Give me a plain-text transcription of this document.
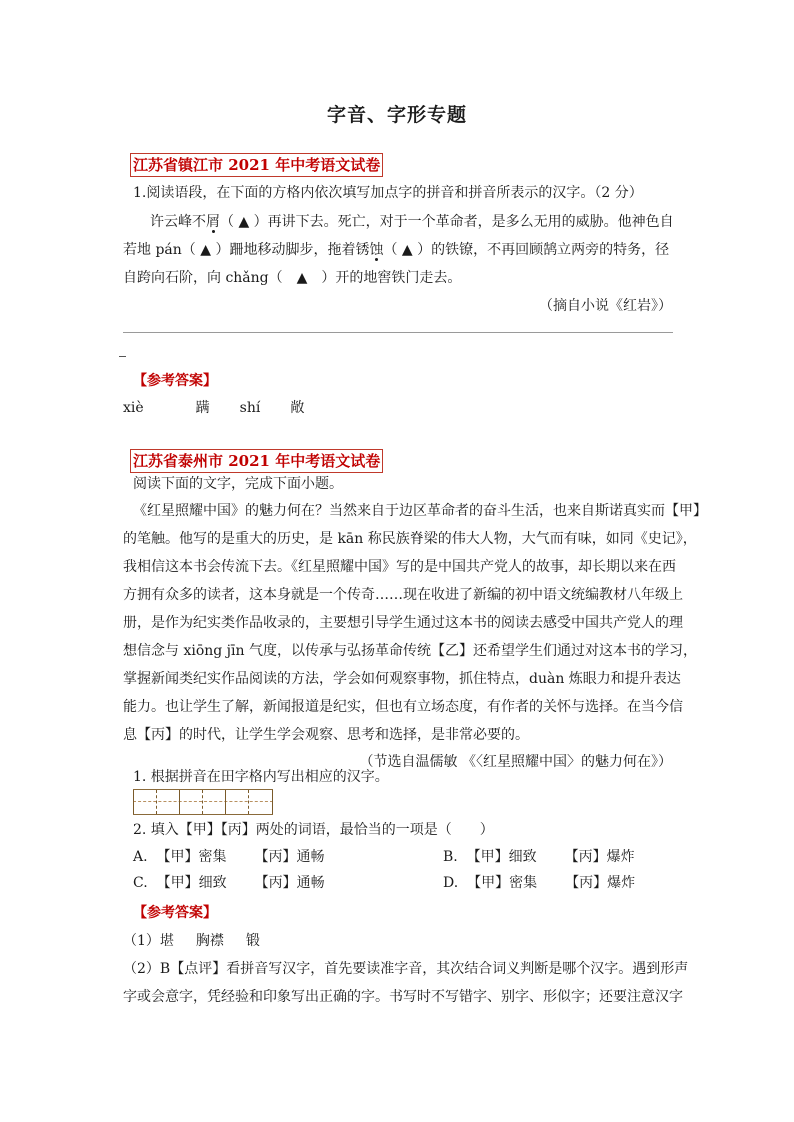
字音、字形专题
江苏省镇江市 2021 年中考语文试卷
1.阅读语段，在下面的方格内依次填写加点字的拼音和拼音所表示的汉字。（2 分）
许云峰不屑（ ▲ ）再讲下去。死亡，对于一个革命者，是多么无用的威胁。他神色自
若地 pán（ ▲ ）跚地移动脚步，拖着锈蚀（ ▲ ）的铁镣，不再回顾鹄立两旁的特务，径
自跨向石阶，向 chǎng（　▲　）开的地窖铁门走去。
（摘自小说《红岩》）
【参考答案】
xiè	蹒 shí 敞
江苏省泰州市 2021 年中考语文试卷
阅读下面的文字，完成下面小题。
《红星照耀中国》的魅力何在？当然来自于边区革命者的奋斗生活，也来自斯诺真实而【甲】
的笔触。他写的是重大的历史，是 kān 称民族脊梁的伟大人物，大气而有味，如同《史记》，
我相信这本书会传流下去。《红星照耀中国》写的是中国共产党人的故事，却长期以来在西
方拥有众多的读者，这本身就是一个传奇……现在收进了新编的初中语文统编教材八年级上
册，是作为纪实类作品收录的，主要想引导学生通过这本书的阅读去感受中国共产党人的理
想信念与 xiōng jīn 气度，以传承与弘扬革命传统【乙】还希望学生们通过对这本书的学习，
掌握新闻类纪实作品阅读的方法，学会如何观察事物，抓住特点，duàn 炼眼力和提升表达
能力。也让学生了解，新闻报道是纪实，但也有立场态度，有作者的关怀与选择。在当今信
息【丙】的时代，让学生学会观察、思考和选择，是非常必要的。
（节选自温儒敏 《〈红星照耀中国〉的魅力何在》）
1. 根据拼音在田字格内写出相应的汉字。
2. 填入【甲】【丙】两处的词语，最恰当的一项是（　　）
A. 【甲】密集 【丙】通畅	B. 【甲】细致 【丙】爆炸
C. 【甲】细致 【丙】通畅	D. 【甲】密集 【丙】爆炸
【参考答案】
（1）堪 胸襟 锻
（2）B【点评】看拼音写汉字，首先要读准字音，其次结合词义判断是哪个汉字。遇到形声
字或会意字，凭经验和印象写出正确的字。书写时不写错字、别字、形似字；还要注意汉字
